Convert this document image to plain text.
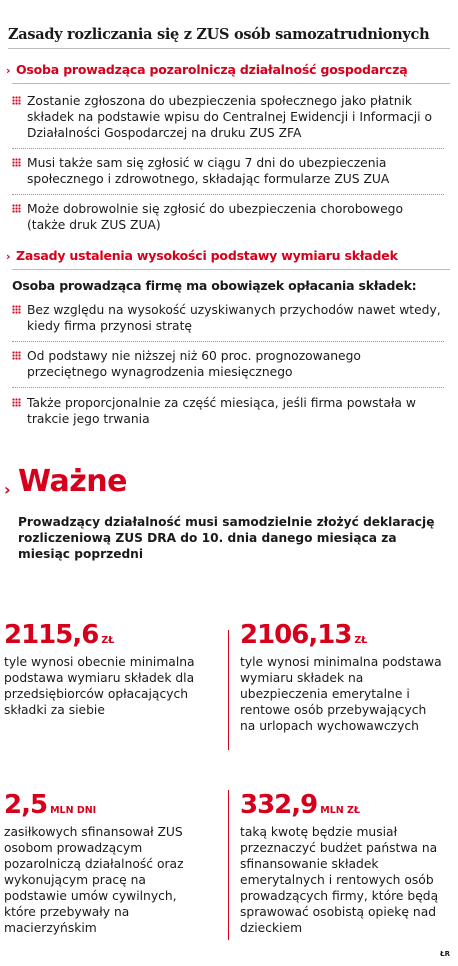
Zasady rozliczania się z ZUS osób samozatrudnionych
› Osoba prowadząca pozarolniczą działalność gospodarczą
Zostanie zgłoszona do ubezpieczenia społecznego jako płatnik składek na podstawie wpisu do Centralnej Ewidencji i Informacji o Działalności Gospodarczej na druku ZUS ZFA
Musi także sam się zgłosić w ciągu 7 dni do ubezpieczenia społecznego i zdrowotnego, składając formularze ZUS ZUA
Może dobrowolnie się zgłosić do ubezpieczenia chorobowego (także druk ZUS ZUA)
› Zasady ustalenia wysokości podstawy wymiaru składek
Osoba prowadząca firmę ma obowiązek opłacania składek:
Bez względu na wysokość uzyskiwanych przychodów nawet wtedy, kiedy firma przynosi stratę
Od podstawy nie niższej niż 60 proc. prognozowanego przeciętnego wynagrodzenia miesięcznego
Także proporcjonalnie za część miesiąca, jeśli firma powstała w trakcie jego trwania
› Ważne
Prowadzący działalność musi samodzielnie złożyć deklarację rozliczeniową ZUS DRA do 10. dnia danego miesiąca za miesiąc poprzedni
2115,6 ZŁ
tyle wynosi obecnie minimalna podstawa wymiaru składek dla przedsiębiorców opłacających składki za siebie
2106,13 ZŁ
tyle wynosi minimalna podstawa wymiaru składek na ubezpieczenia emerytalne i rentowe osób przebywających na urlopach wychowawczych
2,5 MLN DNI
zasiłkowych sfinansował ZUS osobom prowadzącym pozarolniczą działalność oraz wykonującym pracę na podstawie umów cywilnych, które przebywały na macierzyńskim
332,9 MLN ZŁ
taką kwotę będzie musiał przeznaczyć budżet państwa na sfinansowanie składek emerytalnych i rentowych osób prowadzących firmy, które będą sprawować osobistą opiekę nad dzieckiem
ŁR
